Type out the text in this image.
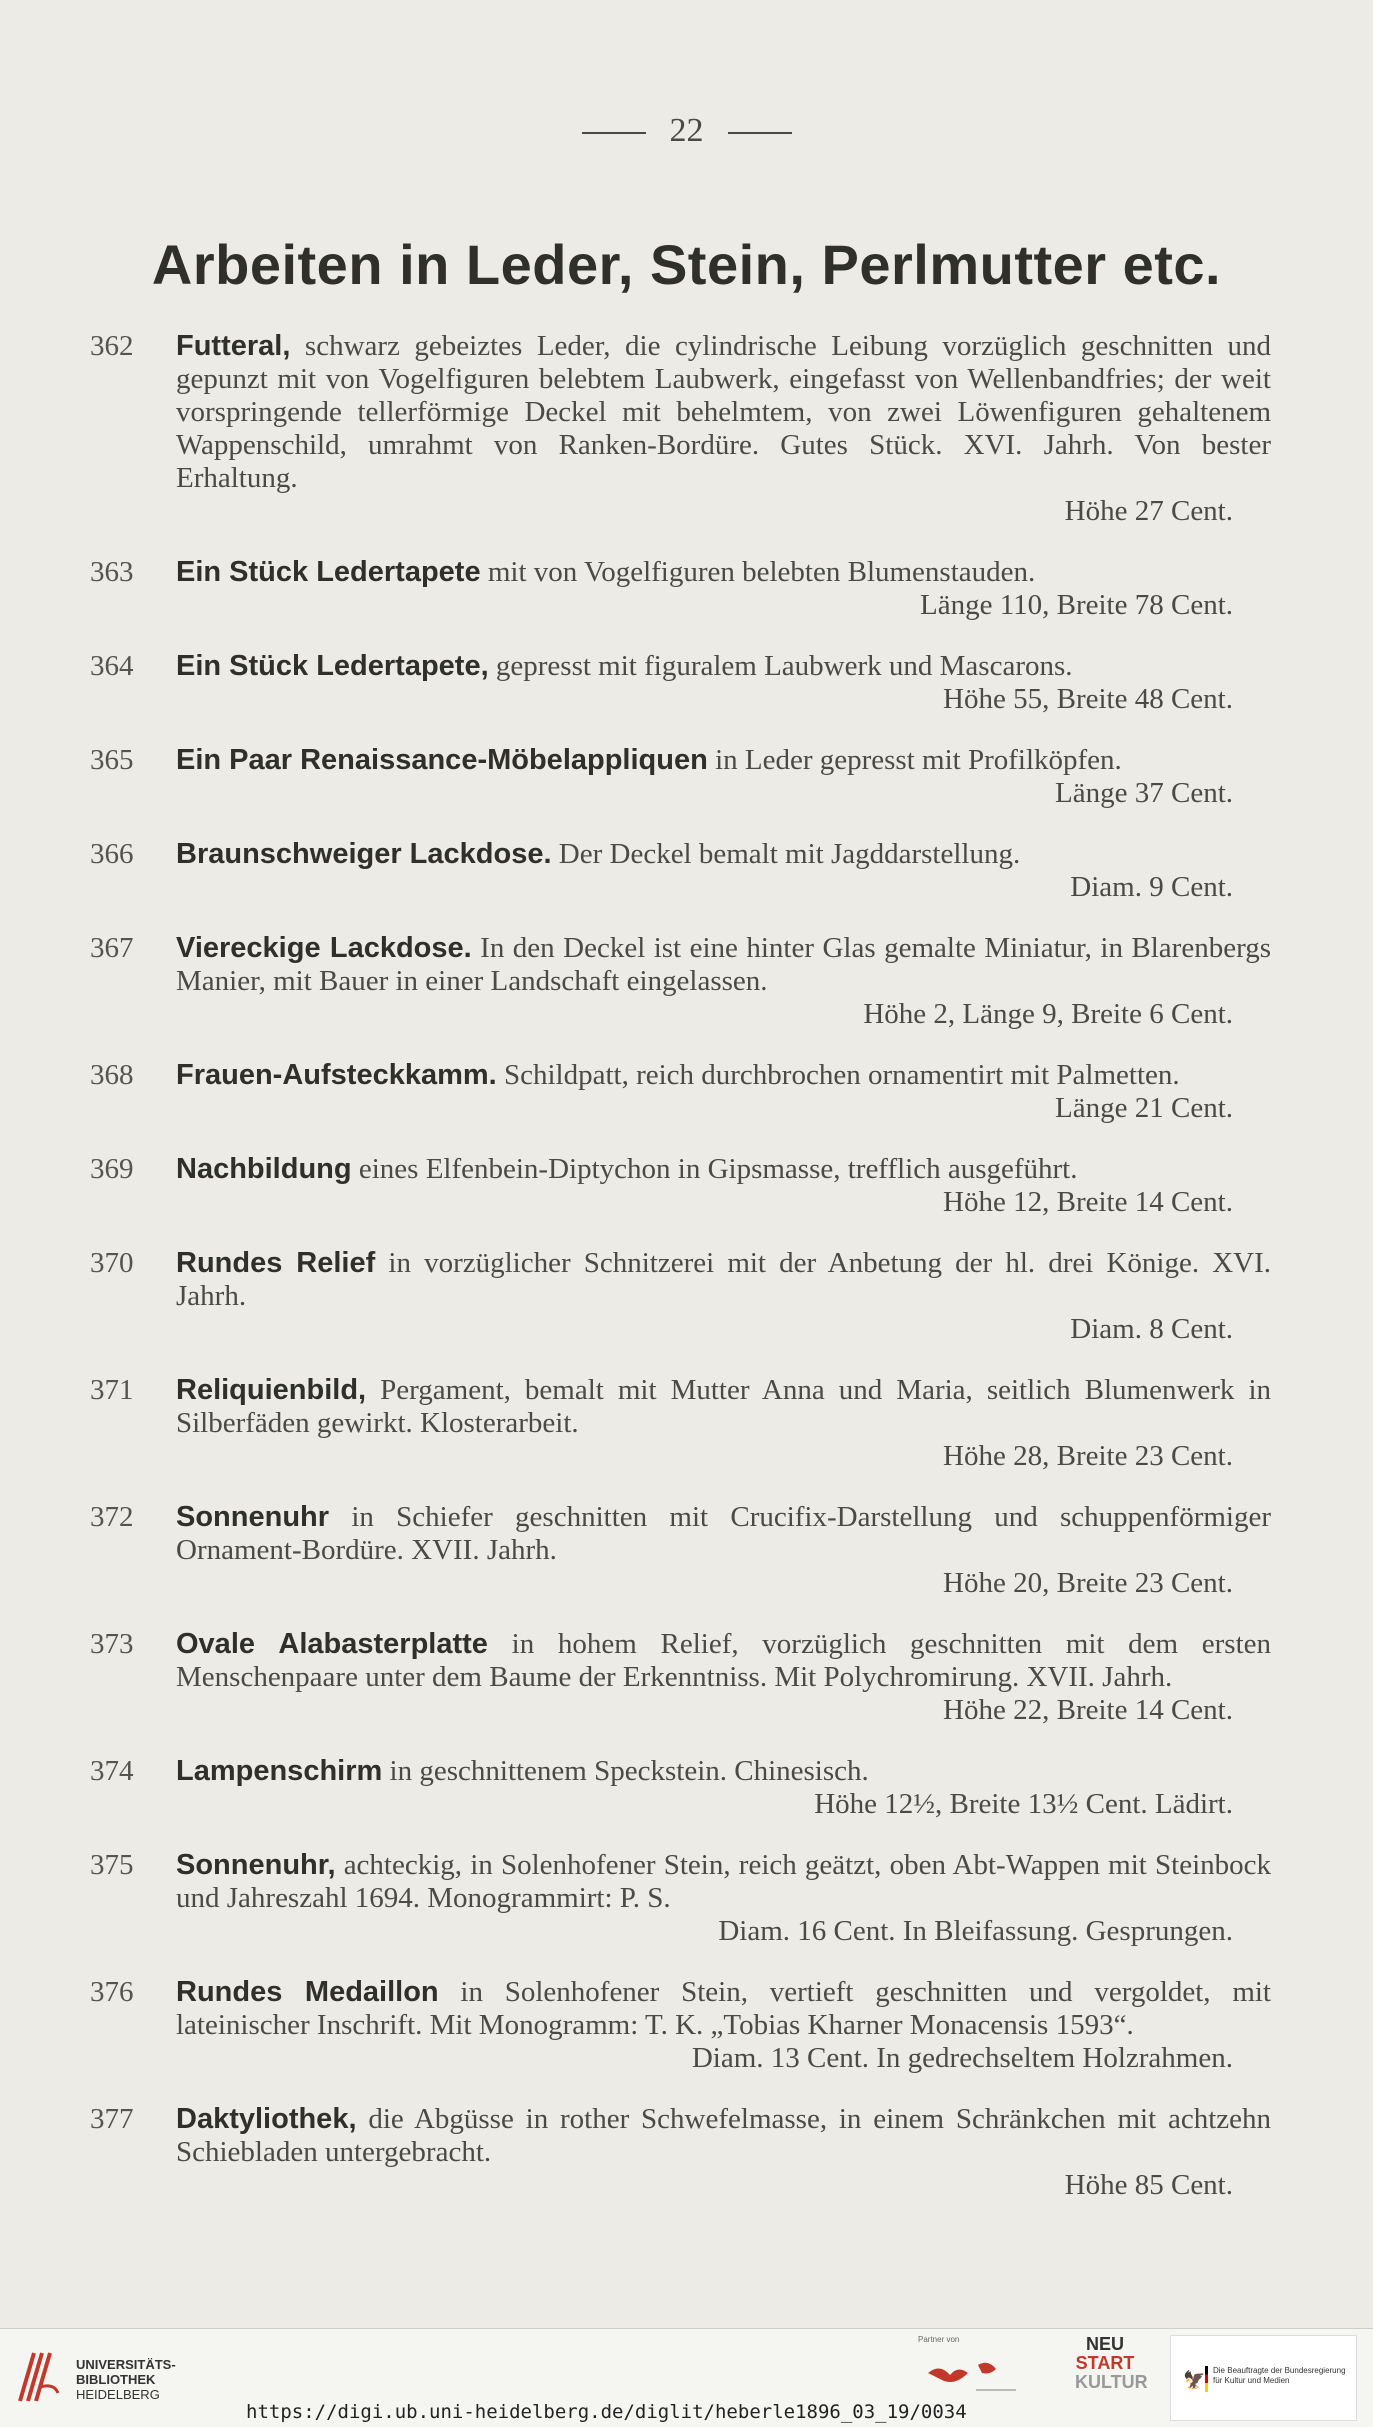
22
Arbeiten in Leder, Stein, Perlmutter etc.
362 Futteral, schwarz gebeiztes Leder, die cylindrische Leibung vorzüglich geschnitten und gepunzt mit von Vogelfiguren belebtem Laubwerk, eingefasst von Wellenbandfries; der weit vorspringende tellerförmige Deckel mit behelmtem, von zwei Löwenfiguren gehaltenem Wappenschild, umrahmt von Ranken-Bordüre. Gutes Stück. XVI. Jahrh. Von bester Erhaltung.
Höhe 27 Cent.
363 Ein Stück Ledertapete mit von Vogelfiguren belebten Blumenstauden.
Länge 110, Breite 78 Cent.
364 Ein Stück Ledertapete, gepresst mit figuralem Laubwerk und Mascarons.
Höhe 55, Breite 48 Cent.
365 Ein Paar Renaissance-Möbelappliquen in Leder gepresst mit Profilköpfen.
Länge 37 Cent.
366 Braunschweiger Lackdose. Der Deckel bemalt mit Jagddarstellung.
Diam. 9 Cent.
367 Viereckige Lackdose. In den Deckel ist eine hinter Glas gemalte Miniatur, in Blarenbergs Manier, mit Bauer in einer Landschaft eingelassen.
Höhe 2, Länge 9, Breite 6 Cent.
368 Frauen-Aufsteckkamm. Schildpatt, reich durchbrochen ornamentirt mit Palmetten.
Länge 21 Cent.
369 Nachbildung eines Elfenbein-Diptychon in Gipsmasse, trefflich ausgeführt.
Höhe 12, Breite 14 Cent.
370 Rundes Relief in vorzüglicher Schnitzerei mit der Anbetung der hl. drei Könige. XVI. Jahrh.
Diam. 8 Cent.
371 Reliquienbild, Pergament, bemalt mit Mutter Anna und Maria, seitlich Blumenwerk in Silberfäden gewirkt. Klosterarbeit.
Höhe 28, Breite 23 Cent.
372 Sonnenuhr in Schiefer geschnitten mit Crucifix-Darstellung und schuppenförmiger Ornament-Bordüre. XVII. Jahrh.
Höhe 20, Breite 23 Cent.
373 Ovale Alabasterplatte in hohem Relief, vorzüglich geschnitten mit dem ersten Menschenpaare unter dem Baume der Erkenntniss. Mit Polychromirung. XVII. Jahrh.
Höhe 22, Breite 14 Cent.
374 Lampenschirm in geschnittenem Speckstein. Chinesisch.
Höhe 12½, Breite 13½ Cent. Lädirt.
375 Sonnenuhr, achteckig, in Solenhofener Stein, reich geätzt, oben Abt-Wappen mit Steinbock und Jahreszahl 1694. Monogrammirt: P. S.
Diam. 16 Cent. In Bleifassung. Gesprungen.
376 Rundes Medaillon in Solenhofener Stein, vertieft geschnitten und vergoldet, mit lateinischer Inschrift. Mit Monogramm: T. K. „Tobias Kharner Monacensis 1593“.
Diam. 13 Cent. In gedrechseltem Holzrahmen.
377 Daktyliothek, die Abgüsse in rother Schwefelmasse, in einem Schränkchen mit achtzehn Schiebladen untergebracht.
Höhe 85 Cent.
UNIVERSITÄTS-
BIBLIOTHEK
HEIDELBERG
https://digi.ub.uni-heidelberg.de/diglit/heberle1896_03_19/0034
Partner von	NEU
START
KULTUR 🦅 Die Beauftragte der Bundesregierung für Kultur und Medien
